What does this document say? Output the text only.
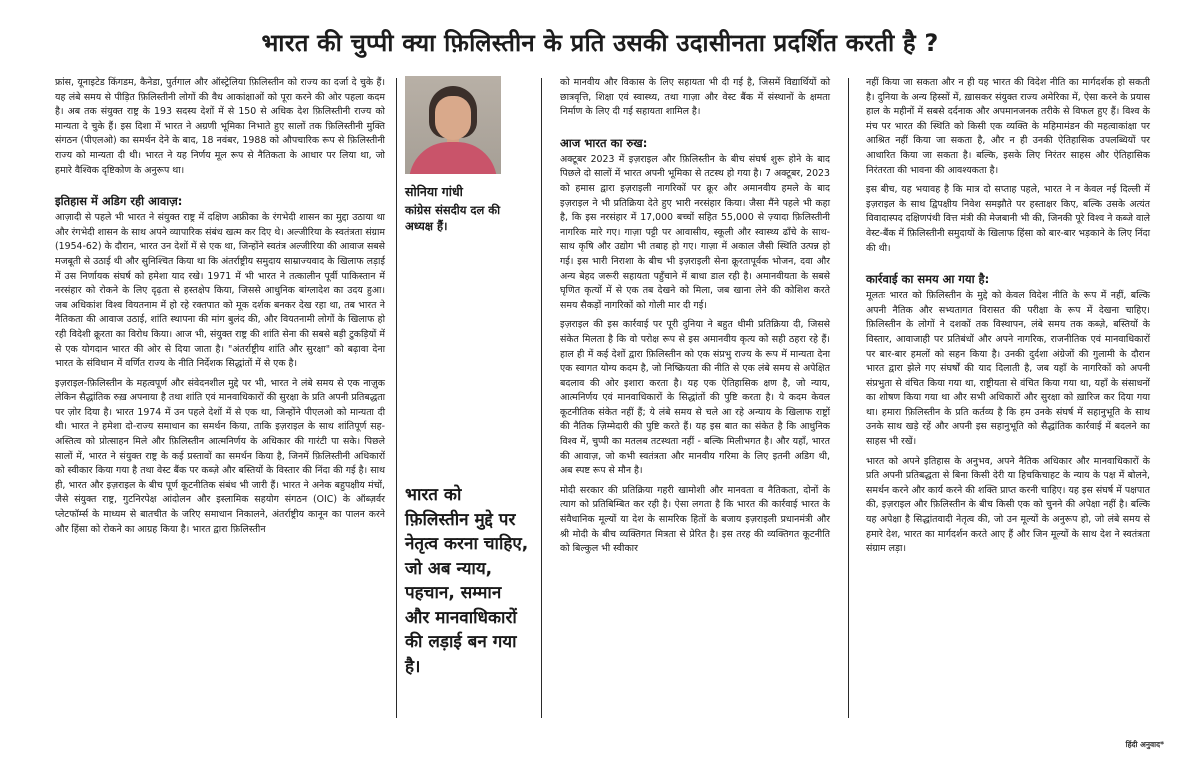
भारत की चुप्पी क्या फ़िलिस्तीन के प्रति उसकी उदासीनता प्रदर्शित करती है ?

फ्रांस, यूनाइटेड किंगडम, कैनेडा, पुर्तगाल और ऑस्ट्रेलिया फ़िलिस्तीन को राज्य का दर्जा दे चुके हैं। यह लंबे समय से पीड़ित फ़िलिस्तीनी लोगों की वैध आकांक्षाओं को पूरा करने की ओर पहला कदम है। अब तक संयुक्त राष्ट्र के 193 सदस्य देशों में से 150 से अधिक देश फ़िलिस्तीनी राज्य को मान्यता दे चुके हैं। इस दिशा में भारत ने अग्रणी भूमिका निभाते हुए सालों तक फ़िलिस्तीनी मुक्ति संगठन (पीएलओ) का समर्थन देने के बाद, 18 नवंबर, 1988 को औपचारिक रूप से फ़िलिस्तीनी राज्य को मान्यता दी थी। भारत ने यह निर्णय मूल रूप से नैतिकता के आधार पर लिया था, जो हमारे वैश्विक दृष्टिकोण के अनुरूप था।

इतिहास में अडिग रही आवाज़:

आज़ादी से पहले भी भारत ने संयुक्त राष्ट्र में दक्षिण अफ्रीका के रंगभेदी शासन का मुद्दा उठाया था और रंगभेदी शासन के साथ अपने व्यापारिक संबंध खत्म कर दिए थे। अल्जीरिया के स्वतंत्रता संग्राम (1954-62) के दौरान, भारत उन देशों में से एक था, जिन्होंने स्वतंत्र अल्जीरिया की आवाज सबसे मजबूती से उठाई थी और सुनिश्चित किया था कि अंतर्राष्ट्रीय समुदाय साम्राज्यवाद के खिलाफ लड़ाई में उस निर्णायक संघर्ष को हमेशा याद रखे। 1971 में भी भारत ने तत्कालीन पूर्वी पाकिस्तान में नरसंहार को रोकने के लिए दृढ़ता से हस्तक्षेप किया, जिससे आधुनिक बांग्लादेश का उदय हुआ। जब अधिकांश विश्व वियतनाम में हो रहे रक्तपात को मूक दर्शक बनकर देख रहा था, तब भारत ने नैतिकता की आवाज उठाई, शांति स्थापना की मांग बुलंद की, और वियतनामी लोगों के खिलाफ हो रही विदेशी क्रूरता का विरोध किया। आज भी, संयुक्त राष्ट्र की शांति सेना की सबसे बड़ी टुकड़ियों में से एक योगदान भारत की ओर से दिया जाता है। "अंतर्राष्ट्रीय शांति और सुरक्षा" को बढ़ावा देना भारत के संविधान में वर्णित राज्य के नीति निर्देशक सिद्धांतों में से एक है।

इज़राइल-फ़िलिस्तीन के महत्वपूर्ण और संवेदनशील मुद्दे पर भी, भारत ने लंबे समय से एक नाज़ुक लेकिन सैद्धांतिक रुख़ अपनाया है तथा शांति एवं मानवाधिकारों की सुरक्षा के प्रति अपनी प्रतिबद्धता पर ज़ोर दिया है। भारत 1974 में उन पहले देशों में से एक था, जिन्होंने पीएलओ को मान्यता दी थी। भारत ने हमेशा दो-राज्य समाधान का समर्थन किया, ताकि इज़राइल के साथ शांतिपूर्ण सह-अस्तित्व को प्रोत्साहन मिले और फ़िलिस्तीन आत्मनिर्णय के अधिकार की गारंटी पा सके। पिछले सालों में, भारत ने संयुक्त राष्ट्र के कई प्रस्तावों का समर्थन किया है, जिनमें फ़िलिस्तीनी अधिकारों को स्वीकार किया गया है तथा वेस्ट बैंक पर कब्ज़े और बस्तियों के विस्तार की निंदा की गई है। साथ ही, भारत और इज़राइल के बीच पूर्ण कूटनीतिक संबंध भी जारी हैं। भारत ने अनेक बहुपक्षीय मंचों, जैसे संयुक्त राष्ट्र, गुटनिरपेक्ष आंदोलन और इस्लामिक सहयोग संगठन (OIC) के ऑब्ज़र्वर प्लेटफॉर्म्स के माध्यम से बातचीत के जरिए समाधान निकालने, अंतर्राष्ट्रीय कानून का पालन करने और हिंसा को रोकने का आग्रह किया है। भारत द्वारा फ़िलिस्तीन

सोनिया गांधी
कांग्रेस संसदीय दल की अध्यक्ष हैं।
भारत को फ़िलिस्तीन मुद्दे पर नेतृत्व करना चाहिए, जो अब न्याय, पहचान, सम्मान और मानवाधिकारों की लड़ाई बन गया है।

को मानवीय और विकास के लिए सहायता भी दी गई है, जिसमें विद्यार्थियों को छात्रवृत्ति, शिक्षा एवं स्वास्थ्य, तथा गाज़ा और वेस्ट बैंक में संस्थानों के क्षमता निर्माण के लिए दी गई सहायता शामिल है।

आज भारत का रुख:

अक्टूबर 2023 में इज़राइल और फ़िलिस्तीन के बीच संघर्ष शुरू होने के बाद पिछले दो सालों में भारत अपनी भूमिका से तटस्थ हो गया है। 7 अक्टूबर, 2023 को हमास द्वारा इज़राइली नागरिकों पर क्रूर और अमानवीय हमले के बाद इज़राइल ने भी प्रतिक्रिया देते हुए भारी नरसंहार किया। जैसा मैंने पहले भी कहा है, कि इस नरसंहार में 17,000 बच्चों सहित 55,000 से ज़्यादा फ़िलिस्तीनी नागरिक मारे गए। गाज़ा पट्टी पर आवासीय, स्कूली और स्वास्थ्य ढाँचे के साथ-साथ कृषि और उद्योग भी तबाह हो गए। गाज़ा में अकाल जैसी स्थिति उत्पन्न हो गई। इस भारी निराशा के बीच भी इज़राइली सेना क्रूरतापूर्वक भोजन, दवा और अन्य बेहद जरूरी सहायता पहुँचाने में बाधा डाल रही है। अमानवीयता के सबसे घृणित कृत्यों में से एक तब देखने को मिला, जब खाना लेने की कोशिश करते समय सैकड़ों नागरिकों को गोली मार दी गई।

इज़राइल की इस कार्रवाई पर पूरी दुनिया ने बहुत धीमी प्रतिक्रिया दी, जिससे संकेत मिलता है कि वो परोक्ष रूप से इस अमानवीय कृत्य को सही ठहरा रहे हैं। हाल ही में कई देशों द्वारा फ़िलिस्तीन को एक संप्रभु राज्य के रूप में मान्यता देना एक स्वागत योग्य कदम है, जो निष्क्रियता की नीति से एक लंबे समय से अपेक्षित बदलाव की ओर इशारा करता है। यह एक ऐतिहासिक क्षण है, जो न्याय, आत्मनिर्णय एवं मानवाधिकारों के सिद्धांतों की पुष्टि करता है। ये कदम केवल कूटनीतिक संकेत नहीं हैं; ये लंबे समय से चले आ रहे अन्याय के खिलाफ राष्ट्रों की नैतिक ज़िम्मेदारी की पुष्टि करते हैं। यह इस बात का संकेत है कि आधुनिक विश्व में, चुप्पी का मतलब तटस्थता नहीं - बल्कि मिलीभगत है। और यहाँ, भारत की आवाज़, जो कभी स्वतंत्रता और मानवीय गरिमा के लिए इतनी अडिग थी, अब स्पष्ट रूप से मौन है।

मोदी सरकार की प्रतिक्रिया गहरी खामोशी और मानवता व नैतिकता, दोनों के त्याग को प्रतिबिम्बित कर रही है। ऐसा लगता है कि भारत की कार्रवाई भारत के संवैधानिक मूल्यों या देश के सामरिक हितों के बजाय इज़राइली प्रधानमंत्री और श्री मोदी के बीच व्यक्तिगत मित्रता से प्रेरित है। इस तरह की व्यक्तिगत कूटनीति को बिल्कुल भी स्वीकार

नहीं किया जा सकता और न ही यह भारत की विदेश नीति का मार्गदर्शक हो सकती है। दुनिया के अन्य हिस्सों में, ख़ासकर संयुक्त राज्य अमेरिका में, ऐसा करने के प्रयास हाल के महीनों में सबसे दर्दनाक और अपमानजनक तरीके से विफल हुए हैं। विश्व के मंच पर भारत की स्थिति को किसी एक व्यक्ति के महिमामंडन की महत्वाकांक्षा पर आश्रित नहीं किया जा सकता है, और न ही उनकी ऐतिहासिक उपलब्धियों पर आधारित किया जा सकता है। बल्कि, इसके लिए निरंतर साहस और ऐतिहासिक निरंतरता की भावना की आवश्यकता है।

इस बीच, यह भयावह है कि मात्र दो सप्ताह पहले, भारत ने न केवल नई दिल्ली में इज़राइल के साथ द्विपक्षीय निवेश समझौते पर हस्ताक्षर किए, बल्कि उसके अत्यंत विवादास्पद दक्षिणपंथी वित्त मंत्री की मेजबानी भी की, जिनकी पूरे विश्व ने कब्जे वाले वेस्ट-बैंक में फ़िलिस्तीनी समुदायों के खिलाफ हिंसा को बार-बार भड़काने के लिए निंदा की थी।

कार्रवाई का समय आ गया है:

मूलतः भारत को फ़िलिस्तीन के मुद्दे को केवल विदेश नीति के रूप में नहीं, बल्कि अपनी नैतिक और सभ्यतागत विरासत की परीक्षा के रूप में देखना चाहिए। फ़िलिस्तीन के लोगों ने दशकों तक विस्थापन, लंबे समय तक कब्ज़े, बस्तियों के विस्तार, आवाजाही पर प्रतिबंधों और अपने नागरिक, राजनीतिक एवं मानवाधिकारों पर बार-बार हमलों को सहन किया है। उनकी दुर्दशा अंग्रेजों की गुलामी के दौरान भारत द्वारा झेले गए संघर्षों की याद दिलाती है, जब यहाँ के नागरिकों को अपनी संप्रभुता से वंचित किया गया था, राष्ट्रीयता से वंचित किया गया था, यहाँ के संसाधनों का शोषण किया गया था और सभी अधिकारों और सुरक्षा को ख़ारिज कर दिया गया था। हमारा फ़िलिस्तीन के प्रति कर्तव्य है कि हम उनके संघर्ष में सहानुभूति के साथ उनके साथ खड़े रहें और अपनी इस सहानुभूति को सैद्धांतिक कार्रवाई में बदलने का साहस भी रखें।

भारत को अपने इतिहास के अनुभव, अपने नैतिक अधिकार और मानवाधिकारों के प्रति अपनी प्रतिबद्धता से बिना किसी देरी या हिचकिचाहट के न्याय के पक्ष में बोलने, समर्थन करने और कार्य करने की शक्ति प्राप्त करनी चाहिए। यह इस संघर्ष में पक्षपात की, इज़राइल और फ़िलिस्तीन के बीच किसी एक को चुनने की अपेक्षा नहीं है। बल्कि यह अपेक्षा है सिद्धांतवादी नेतृत्व की, जो उन मूल्यों के अनुरूप हो, जो लंबे समय से हमारे देश, भारत का मार्गदर्शन करते आए हैं और जिन मूल्यों के साथ देश ने स्वतंत्रता संग्राम लड़ा।

हिंदी अनुवाद*
